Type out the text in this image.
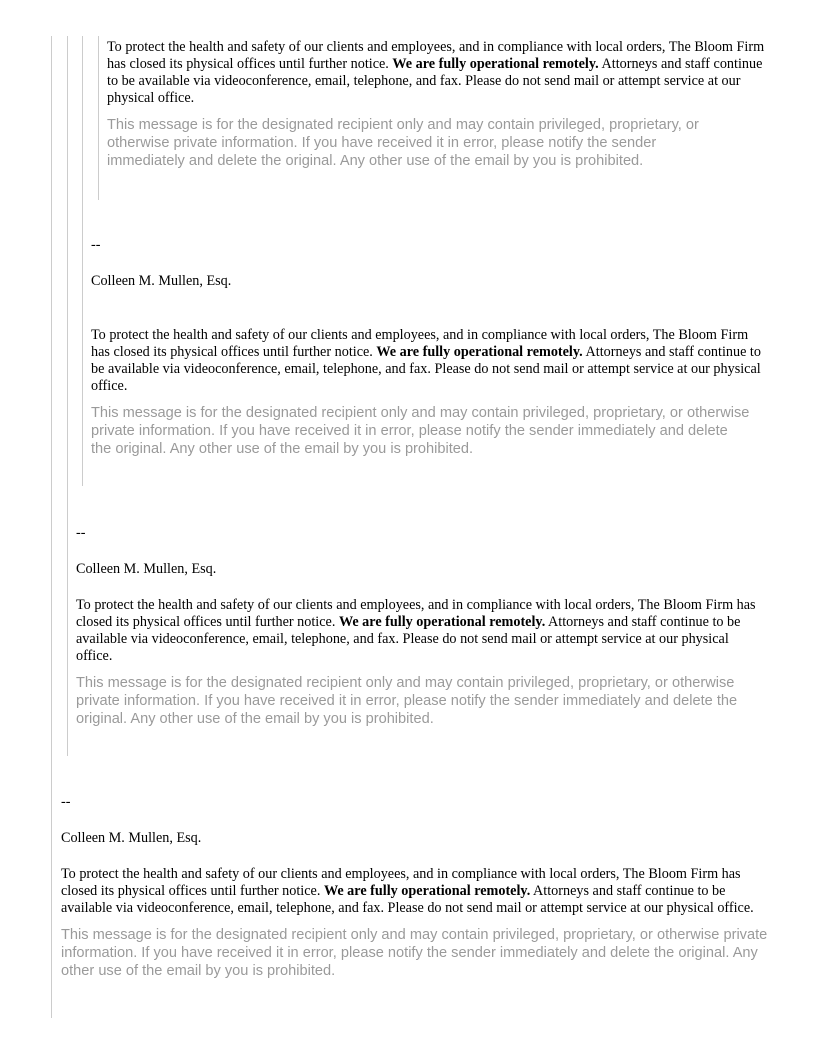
To protect the health and safety of our clients and employees, and in compliance with local orders, The Bloom Firm has closed its physical offices until further notice. We are fully operational remotely. Attorneys and staff continue to be available via videoconference, email, telephone, and fax. Please do not send mail or attempt service at our physical office.

This message is for the designated recipient only and may contain privileged, proprietary, or otherwise private information. If you have received it in error, please notify the sender immediately and delete the original. Any other use of the email by you is prohibited.

--

Colleen M. Mullen, Esq.

To protect the health and safety of our clients and employees, and in compliance with local orders, The Bloom Firm has closed its physical offices until further notice. We are fully operational remotely. Attorneys and staff continue to be available via videoconference, email, telephone, and fax. Please do not send mail or attempt service at our physical office.

This message is for the designated recipient only and may contain privileged, proprietary, or otherwise private information. If you have received it in error, please notify the sender immediately and delete the original. Any other use of the email by you is prohibited.

--

Colleen M. Mullen, Esq.

To protect the health and safety of our clients and employees, and in compliance with local orders, The Bloom Firm has closed its physical offices until further notice. We are fully operational remotely. Attorneys and staff continue to be available via videoconference, email, telephone, and fax. Please do not send mail or attempt service at our physical office.

This message is for the designated recipient only and may contain privileged, proprietary, or otherwise private information. If you have received it in error, please notify the sender immediately and delete the original. Any other use of the email by you is prohibited.

--

Colleen M. Mullen, Esq.

To protect the health and safety of our clients and employees, and in compliance with local orders, The Bloom Firm has closed its physical offices until further notice. We are fully operational remotely. Attorneys and staff continue to be available via videoconference, email, telephone, and fax. Please do not send mail or attempt service at our physical office.

This message is for the designated recipient only and may contain privileged, proprietary, or otherwise private information. If you have received it in error, please notify the sender immediately and delete the original. Any other use of the email by you is prohibited.
